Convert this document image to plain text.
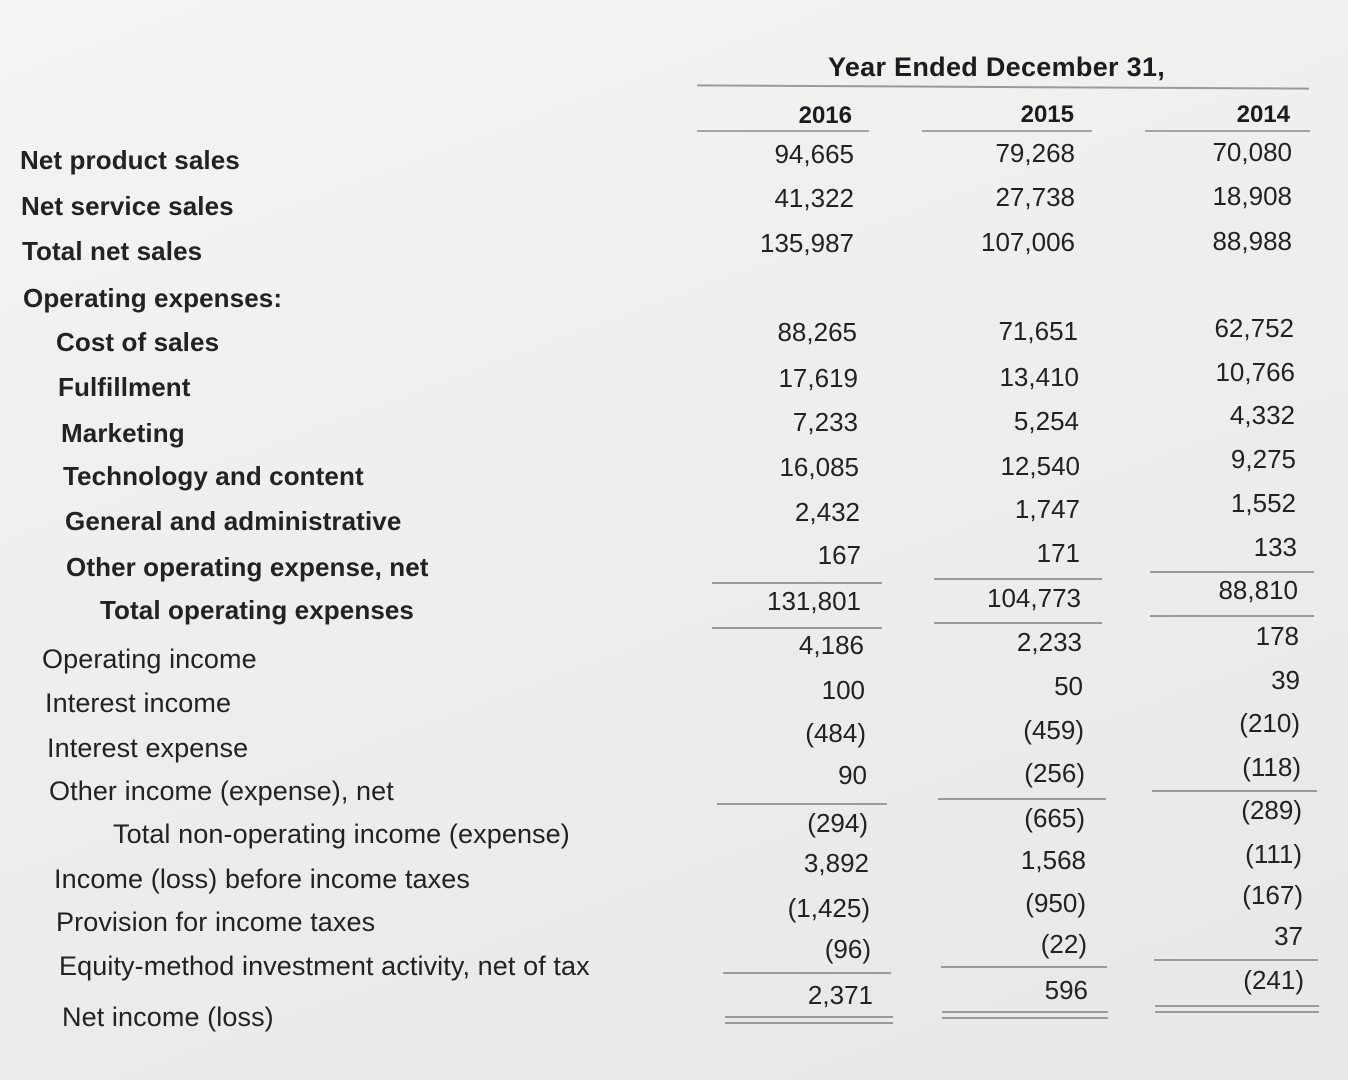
Year Ended December 31,
2016	2015	2014
Net product sales
Net service sales
Total net sales
Operating expenses:
Cost of sales
Fulfillment
Marketing
Technology and content
General and administrative
Other operating expense, net
Total operating expenses
Operating income
Interest income
Interest expense
Other income (expense), net
Total non-operating income (expense)
Income (loss) before income taxes
Provision for income taxes
Equity-method investment activity, net of tax
Net income (loss)
94,665
41,322
135,987
88,265
17,619
7,233
16,085
2,432
167
131,801
4,186
100
(484)
90
(294)
3,892
(1,425)
(96)
2,371
79,268
27,738
107,006
71,651
13,410
5,254
12,540
1,747
171
104,773
2,233
50
(459)
(256)
(665)
1,568
(950)
(22)
596
70,080
18,908
88,988
62,752
10,766
4,332
9,275
1,552
133
88,810
178
39
(210)
(118)
(289)
(111)
(167)
37
(241)
